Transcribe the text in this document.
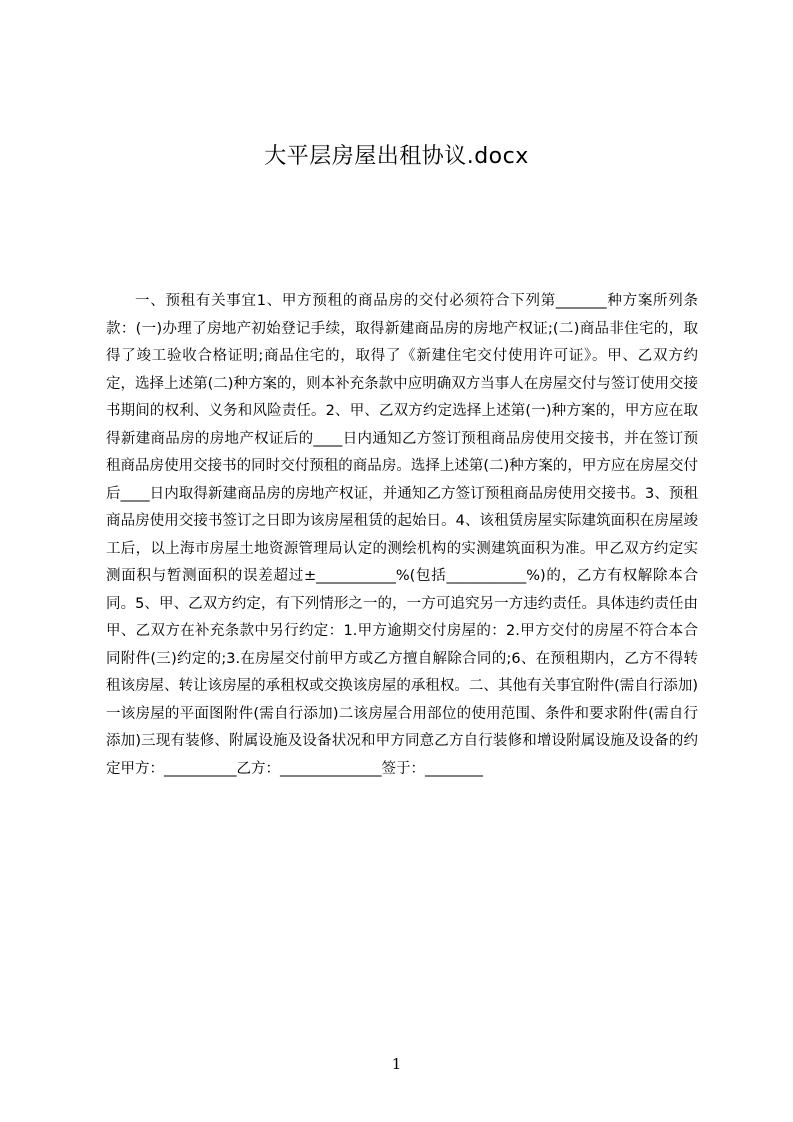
大平层房屋出租协议.docx

一、预租有关事宜1、甲方预租的商品房的交付必须符合下列第_______种方案所列条款：(一)办理了房地产初始登记手续，取得新建商品房的房地产权证;(二)商品非住宅的，取得了竣工验收合格证明;商品住宅的，取得了《新建住宅交付使用许可证》。甲、乙双方约定，选择上述第(二)种方案的，则本补充条款中应明确双方当事人在房屋交付与签订使用交接书期间的权利、义务和风险责任。2、甲、乙双方约定选择上述第(一)种方案的，甲方应在取得新建商品房的房地产权证后的____日内通知乙方签订预租商品房使用交接书，并在签订预租商品房使用交接书的同时交付预租的商品房。选择上述第(二)种方案的，甲方应在房屋交付后____日内取得新建商品房的房地产权证，并通知乙方签订预租商品房使用交接书。3、预租商品房使用交接书签订之日即为该房屋租赁的起始日。4、该租赁房屋实际建筑面积在房屋竣工后，以上海市房屋土地资源管理局认定的测绘机构的实测建筑面积为准。甲乙双方约定实测面积与暂测面积的误差超过±___________%(包括___________%)的，乙方有权解除本合同。5、甲、乙双方约定，有下列情形之一的，一方可追究另一方违约责任。具体违约责任由甲、乙双方在补充条款中另行约定：1.甲方逾期交付房屋的：2.甲方交付的房屋不符合本合同附件(三)约定的;3.在房屋交付前甲方或乙方擅自解除合同的;6、在预租期内，乙方不得转租该房屋、转让该房屋的承租权或交换该房屋的承租权。二、其他有关事宜附件(需自行添加)一该房屋的平面图附件(需自行添加)二该房屋合用部位的使用范围、条件和要求附件(需自行添加)三现有装修、附属设施及设备状况和甲方同意乙方自行装修和增设附属设施及设备的约定甲方：__________乙方：______________签于：________

1
